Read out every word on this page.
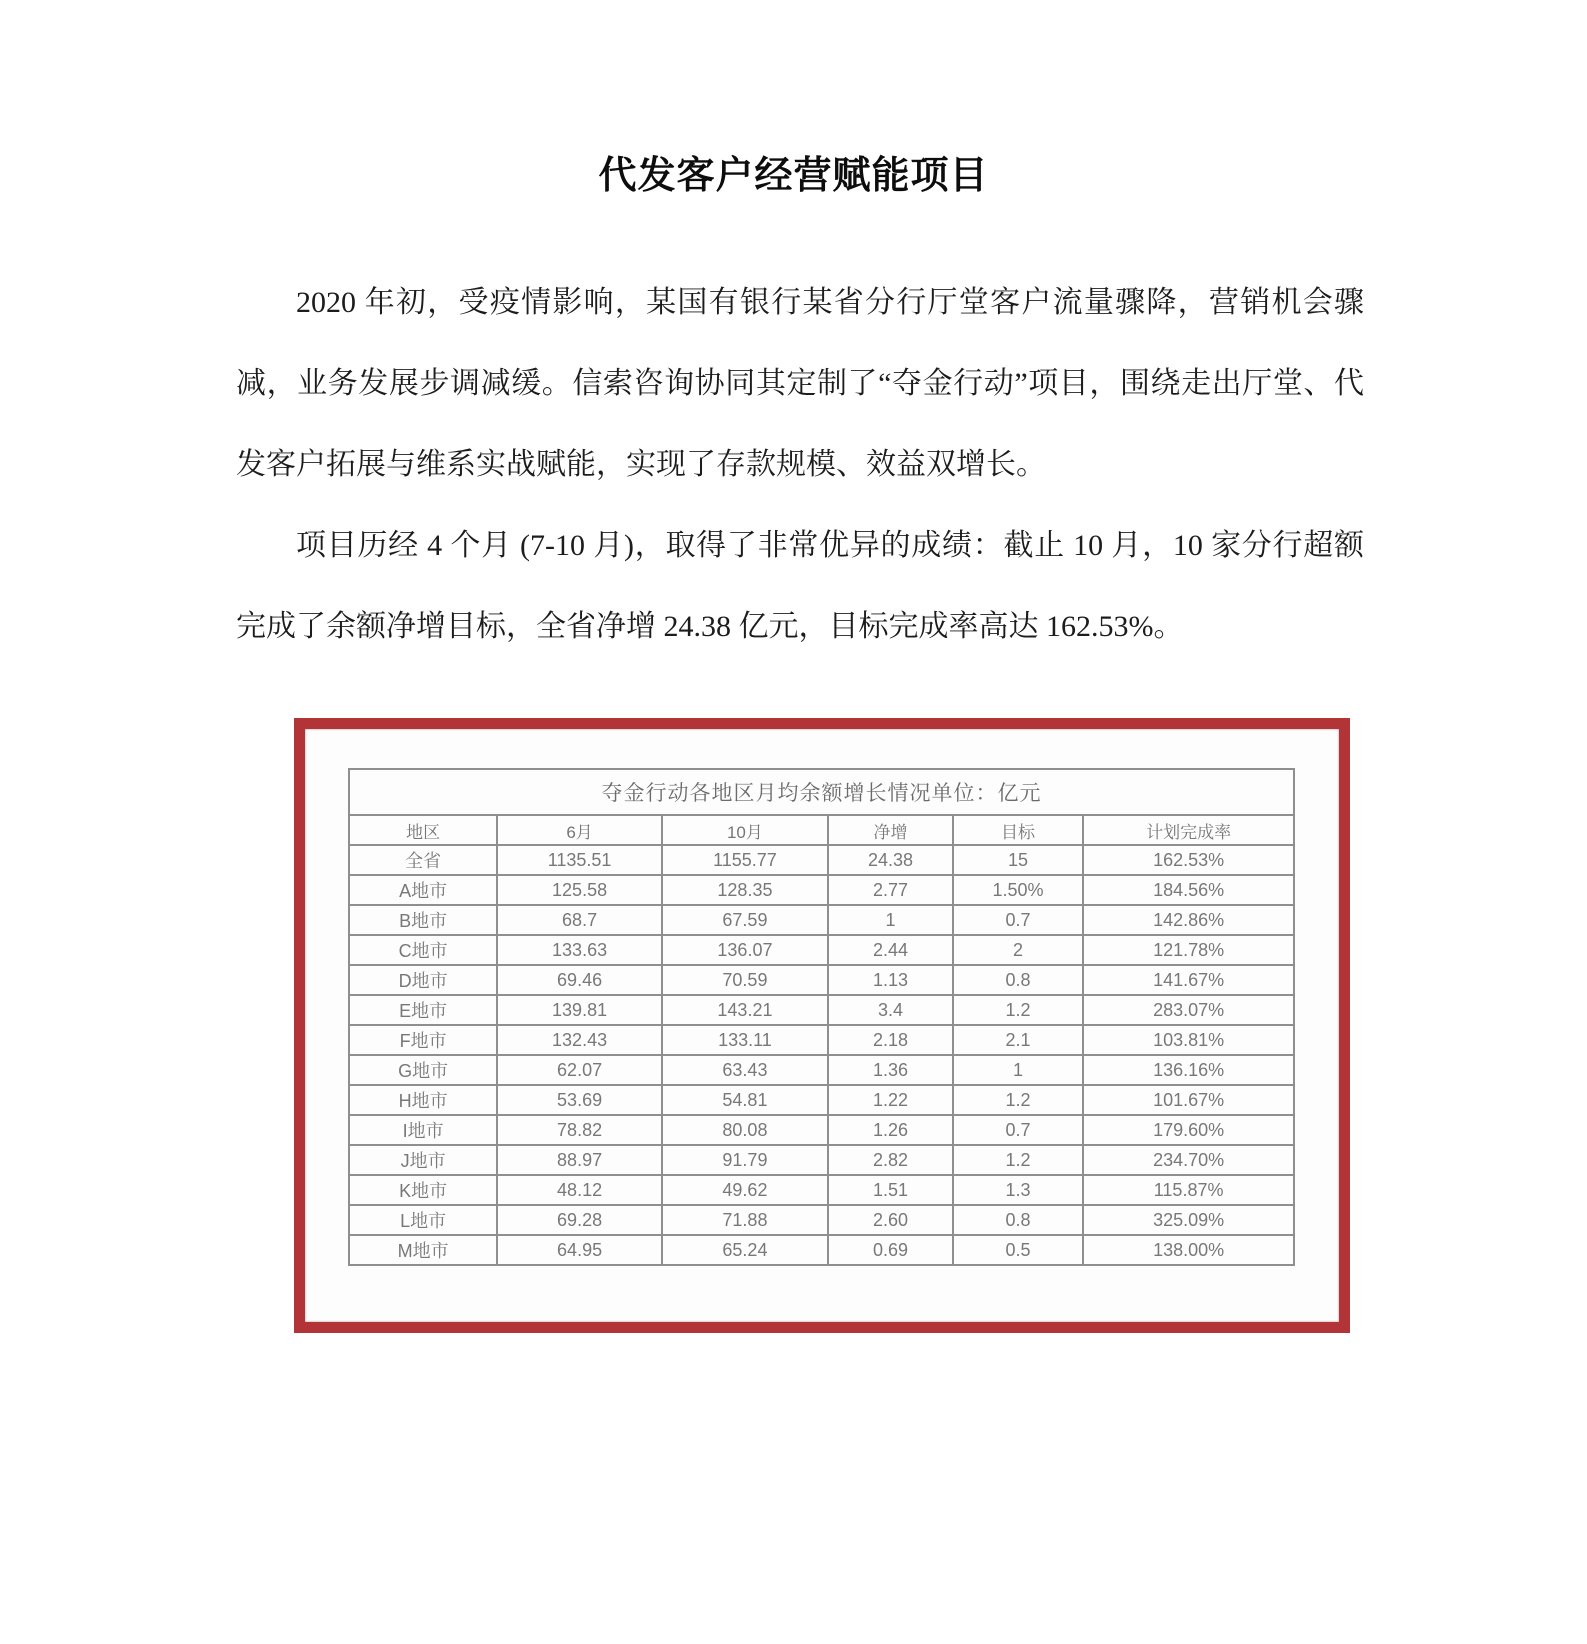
代发客户经营赋能项目

2020 年初，受疫情影响，某国有银行某省分行厅堂客户流量骤降，营销机会骤减，业务发展步调减缓。信索咨询协同其定制了“夺金行动”项目，围绕走出厅堂、代发客户拓展与维系实战赋能，实现了存款规模、效益双增长。

项目历经 4 个月 (7-10 月)，取得了非常优异的成绩：截止 10 月，10 家分行超额完成了余额净增目标，全省净增 24.38 亿元，目标完成率高达 162.53%。

夺金行动各地区月均余额增长情况单位：亿元					
地区	6月	10月	净增	目标	计划完成率
全省	1135.51	1155.77	24.38	15	162.53%
A地市	125.58	128.35	2.77	1.50%	184.56%
B地市	68.7	67.59	1	0.7	142.86%
C地市	133.63	136.07	2.44	2	121.78%
D地市	69.46	70.59	1.13	0.8	141.67%
E地市	139.81	143.21	3.4	1.2	283.07%
F地市	132.43	133.11	2.18	2.1	103.81%
G地市	62.07	63.43	1.36	1	136.16%
H地市	53.69	54.81	1.22	1.2	101.67%
I地市	78.82	80.08	1.26	0.7	179.60%
J地市	88.97	91.79	2.82	1.2	234.70%
K地市	48.12	49.62	1.51	1.3	115.87%
L地市	69.28	71.88	2.60	0.8	325.09%
M地市	64.95	65.24	0.69	0.5	138.00%
